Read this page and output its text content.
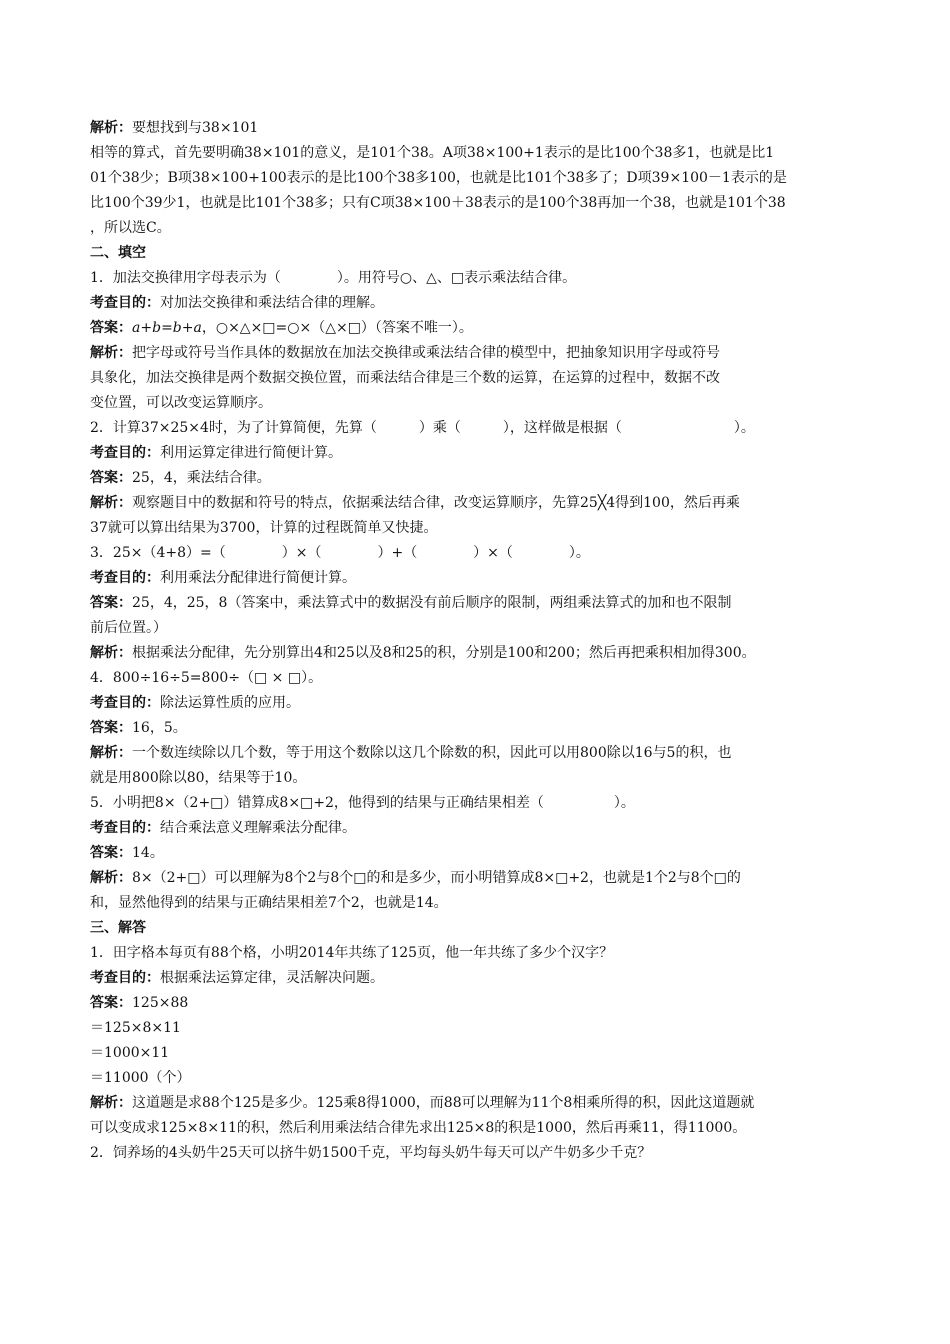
解析：要想找到与38×101
相等的算式，首先要明确38×101的意义，是101个38。A项38×100+1表示的是比100个38多1，也就是比1
01个38少；B项38×100+100表示的是比100个38多100，也就是比101个38多了；D项39×100－1表示的是
比100个39少1，也就是比101个38多；只有C项38×100＋38表示的是100个38再加一个38，也就是101个38
，所以选C。
二、填空
1．加法交换律用字母表示为（　　　　）。用符号○、△、□表示乘法结合律。
考查目的：对加法交换律和乘法结合律的理解。
答案：a+b=b+a，○×△×□=○×（△×□）（答案不唯一）。
解析：把字母或符号当作具体的数据放在加法交换律或乘法结合律的模型中，把抽象知识用字母或符号
具象化，加法交换律是两个数据交换位置，而乘法结合律是三个数的运算，在运算的过程中，数据不改
变位置，可以改变运算顺序。
2．计算37×25×4时，为了计算简便，先算（　　　）乘（　　　），这样做是根据（　　　　　　　　）。
考查目的：利用运算定律进行简便计算。
答案：25，4，乘法结合律。
解析：观察题目中的数据和符号的特点，依据乘法结合律，改变运算顺序，先算25╳4得到100，然后再乘
37就可以算出结果为3700，计算的过程既简单又快捷。
3．25×（4+8）=（　　　　）×（　　　　）+（　　　　）×（　　　　）。
考查目的：利用乘法分配律进行简便计算。
答案：25，4，25，8（答案中，乘法算式中的数据没有前后顺序的限制，两组乘法算式的加和也不限制
前后位置。）
解析：根据乘法分配律，先分别算出4和25以及8和25的积，分别是100和200；然后再把乘积相加得300。
4．800÷16÷5=800÷（□ × □）。
考查目的：除法运算性质的应用。
答案：16，5。
解析：一个数连续除以几个数，等于用这个数除以这几个除数的积，因此可以用800除以16与5的积，也
就是用800除以80，结果等于10。
5．小明把8×（2+□）错算成8×□+2，他得到的结果与正确结果相差（　　　　　）。
考查目的：结合乘法意义理解乘法分配律。
答案：14。
解析：8×（2+□）可以理解为8个2与8个□的和是多少，而小明错算成8×□+2，也就是1个2与8个□的
和，显然他得到的结果与正确结果相差7个2，也就是14。
三、解答
1．田字格本每页有88个格，小明2014年共练了125页，他一年共练了多少个汉字？
考查目的：根据乘法运算定律，灵活解决问题。
答案：125×88
＝125×8×11
＝1000×11
＝11000（个）
解析：这道题是求88个125是多少。125乘8得1000，而88可以理解为11个8相乘所得的积，因此这道题就
可以变成求125×8×11的积，然后利用乘法结合律先求出125×8的积是1000，然后再乘11，得11000。
2．饲养场的4头奶牛25天可以挤牛奶1500千克，平均每头奶牛每天可以产牛奶多少千克？
